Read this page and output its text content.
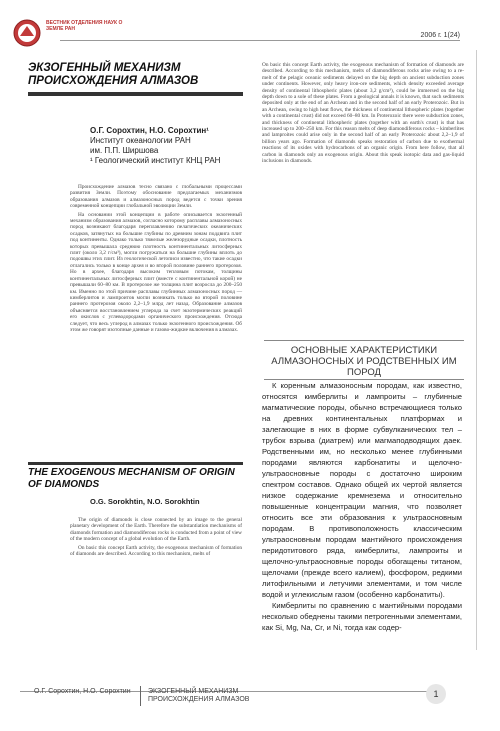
ВЕСТНИК ОТДЕЛЕНИЯ НАУК О ЗЕМЛЕ РАН
2006 г. 1(24)
ЭКЗОГЕННЫЙ МЕХАНИЗМ ПРОИСХОЖДЕНИЯ АЛМАЗОВ
О.Г. Сорохтин, Н.О. Сорохтин¹
Институт океанологии РАН
им. П.П. Ширшова
¹ Геологический институт КНЦ РАН

Происхождение алмазов тесно связано с глобальными процессами развития Земли. Поэтому обоснование предлагаемых механизмов образования алмазов и алмазоносных пород ведется с точки зрения современной концепции глобальной эволюции Земли.

На основании этой концепции в работе описывается экзогенный механизм образования алмазов, согласно которому расплавы алмазоносных пород возникают благодаря переплавлению пелагических океанических осадков, затянутых на большие глубины по древним зонам поддвига плит под континенты. Однако только тяжелые железорудные осадки, плотность которых превышала среднюю плотность континентальных литосферных плит (около 3,2 г/см³), могли погружаться на большие глубины вплоть до подошвы этих плит. Из геологической летописи известно, что такие осадки отлагались только в конце архея и во второй половине раннего протерозоя. Но в архее, благодаря высоким тепловым потокам, толщины континентальных литосферных плит (вместе с континентальной корой) не превышали 60–80 км. В протерозое же толщина плит возросла до 200–250 км. Именно по этой причине расплавы глубинных алмазоносных пород — кимберлитов и лампроитов могли возникать только во второй половине раннего протерозоя около 2,2–1,9 млрд лет назад. Образование алмазов объясняется восстановлением углерода за счет экзотермических реакций его окислов с углеводородами органического происхождения. Отсюда следует, что весь углерод в алмазах только экзогенного происхождения. Об этом же говорят изотопные данные и газово-жидкие включения в алмазах.

THE EXOGENOUS MECHANISM OF ORIGIN OF DIAMONDS
O.G. Sorokhtin, N.O. Sorokhtin

The origin of diamonds is close connected by an image to the general planetary development of the Earth. Therefore the substantiation mechanisms of diamonds formation and diamondiferous rocks is conducted from a point of view of the modern concept of a global evolution of the Earth.

On basic this concept Earth activity, the exogenous mechanism of formation of diamonds are described. According to this mechanism, melts of

On basic this concept Earth activity, the exogenous mechanism of formation of diamonds are described. According to this mechanism, melts of diamondiferous rocks arise owing to a re-melt of the pelagic oceanic sediments delayed on the big depth on ancient subduction zones under continents. However, only heavy iron-ore sediments, which density exceeded average density of continental lithospheric plates (about 3,2 g/cm³), could be immersed on the big depth down to a sole of these plates. From a geological annals it is known, that such sediments deposited only at the end of an Archean and in the second half of an early Proterozoic. But in an Archean, owing to high heat flows, the thickness of continental lithospheric plates (together with a continental crust) did not exceed 60–80 km. In Proterozoic there were subduction zones, and thickness of continental lithospheric plates (together with an earth's crust) is that has increased up to 200–250 km. For this reason melts of deep diamondiferous rocks – kimberlites and lamproites could arise only in the second half of an early Proterozoic about 2,2–1,9 of billion years ago. Formation of diamonds speaks restoration of carbon due to exothermal reactions of its oxides with hydrocarbons of an organic origin. From here follow, that all carbon in diamonds only an exogenous origin. About this speak isotopic data and gas-liquid inclusions in diamonds.

ОСНОВНЫЕ ХАРАКТЕРИСТИКИ АЛМАЗОНОСНЫХ И РОДСТВЕННЫХ ИМ ПОРОД

К коренным алмазоносным породам, как известно, относятся кимберлиты и лампроиты – глубинные магматические породы, обычно встречающиеся только на древних континентальных платформах и залегающие в них в форме субвулканических тел – трубок взрыва (диатрем) или магмаподводящих даек. Родственными им, но несколько менее глубинными породами являются карбонатиты и щелочно-ультраосновные породы с достаточно широким спектром составов. Однако общей их чертой является низкое содержание кремнезема и относительно повышенные концентрации магния, что позволяет относить все эти образования к ультраосновным породам. В противоположность классическим ультраосновным породам мантийного происхождения перидотитового ряда, кимберлиты, лампроиты и щелочно-ультраосновные породы обогащены титаном, щелочами (прежде всего калием), фосфором, редкими литофильными и летучими элементами, и том числе водой и углекислым газом (особенно карбонатиты).

Кимберлиты по сравнению с мантийными породами несколько обеднены такими петрогенными элементами, как Si, Mg, Na, Cr, и Ni, тогда как содер-

О.Г. Сорохтин, Н.О. Сорохтин ЭКЗОГЕННЫЙ МЕХАНИЗМ
ПРОИСХОЖДЕНИЯ АЛМАЗОВ
1
